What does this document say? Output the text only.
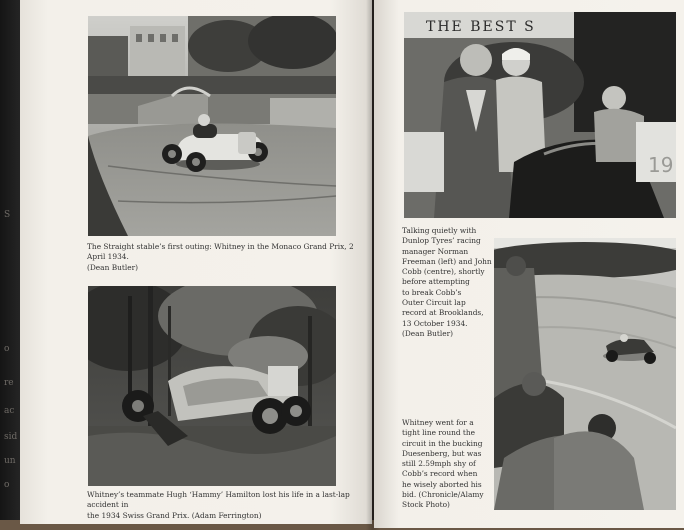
S
o
re
ac
sid
un
o
The Straight stable’s first outing: Whitney in the Monaco Grand Prix, 2 April 1934.
(Dean Butler)
Whitney’s teammate Hugh ‘Hammy’ Hamilton lost his life in a last-lap accident in
the 1934 Swiss Grand Prix. (Adam Ferrington)
THE BEST S
19
Talking quietly with
Dunlop Tyres’ racing
manager Norman
Freeman (left) and John
Cobb (centre), shortly
before attempting
to break Cobb’s
Outer Circuit lap
record at Brooklands,
13 October 1934.
(Dean Butler)
Whitney went for a
tight line round the
circuit in the bucking
Duesenberg, but was
still 2.59mph shy of
Cobb’s record when
he wisely aborted his
bid. (Chronicle/Alamy
Stock Photo)
